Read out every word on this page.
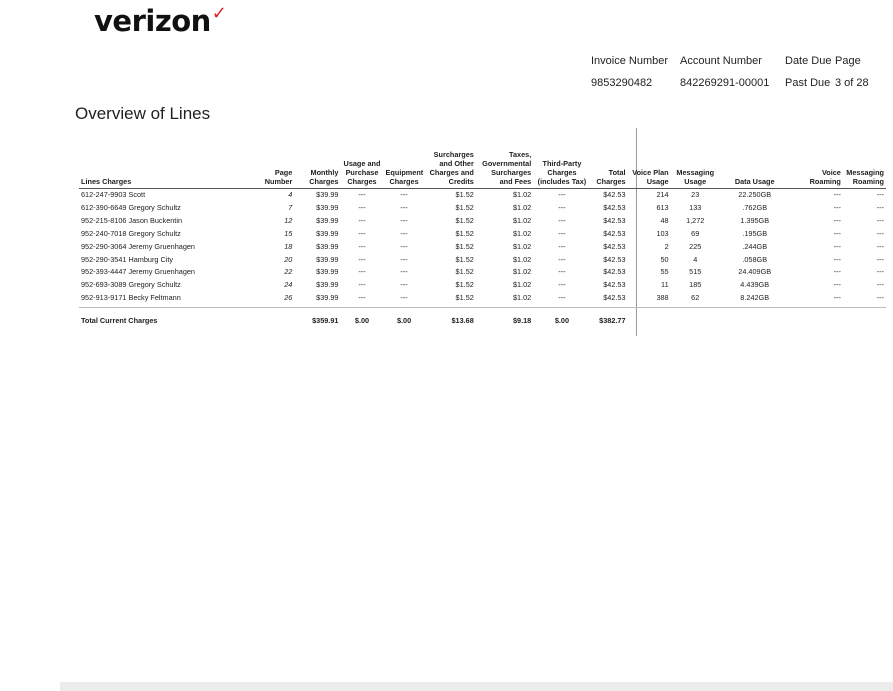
verizon✓
Invoice Number Account Number Date Due Page
9853290482	842269291-00001 Past Due 3 of 28
Overview of Lines
Lines Charges	Page Number	Monthly Charges	Usage and Purchase Charges	Equipment Charges	Surcharges and Other Charges and Credits	Taxes, Governmental Surcharges and Fees	Third-Party Charges (includes Tax)	Total Charges	Voice Plan Usage	Messaging Usage	Data Usage	Voice Roaming	Messaging Roaming
612-247-9903 Scott	4	$39.99	---	---	$1.52	$1.02	---	$42.53	214	23	22.250GB	---	---
612-390-6649 Gregory Schultz	7	$39.99	---	---	$1.52	$1.02	---	$42.53	613	133	.762GB	---	---
952-215-8106 Jason Buckentin	12	$39.99	---	---	$1.52	$1.02	---	$42.53	48	1,272	1.395GB	---	---
952-240-7018 Gregory Schultz	15	$39.99	---	---	$1.52	$1.02	---	$42.53	103	69	.195GB	---	---
952-290-3064 Jeremy Gruenhagen	18	$39.99	---	---	$1.52	$1.02	---	$42.53	2	225	.244GB	---	---
952-290-3541 Hamburg City	20	$39.99	---	---	$1.52	$1.02	---	$42.53	50	4	.058GB	---	---
952-393-4447 Jeremy Gruenhagen	22	$39.99	---	---	$1.52	$1.02	---	$42.53	55	515	24.409GB	---	---
952-693-3089 Gregory Schultz	24	$39.99	---	---	$1.52	$1.02	---	$42.53	11	185	4.439GB	---	---
952-913-9171 Becky Feltmann	26	$39.99	---	---	$1.52	$1.02	---	$42.53	388	62	8.242GB	---	---

Total Current Charges		$359.91	$.00	$.00	$13.68	$9.18	$.00	$382.77					
